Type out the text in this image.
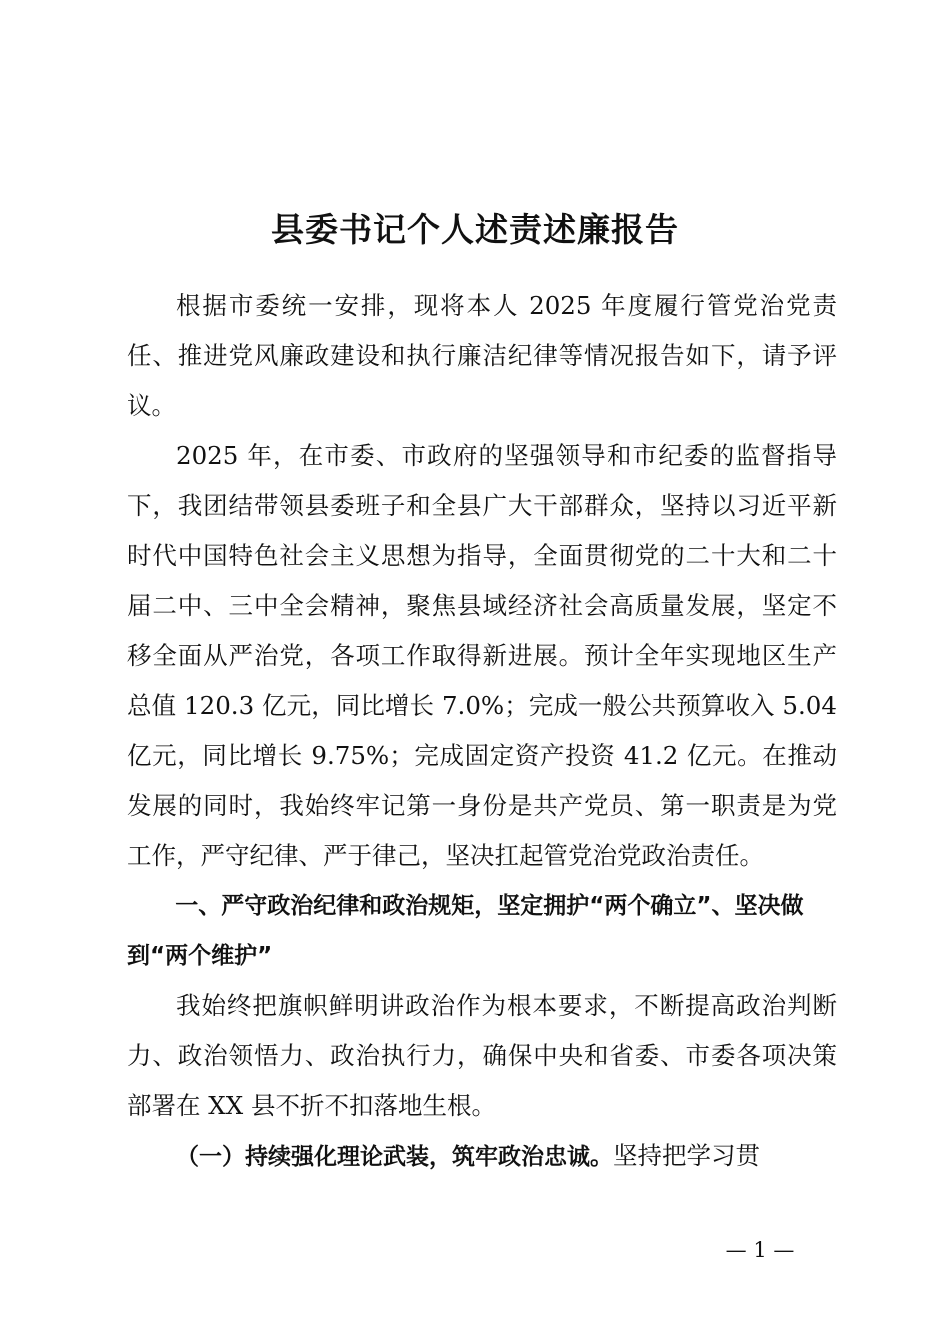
县委书记个人述责述廉报告

根据市委统一安排，现将本人 2025 年度履行管党治党责任、推进党风廉政建设和执行廉洁纪律等情况报告如下，请予评议。

2025 年，在市委、市政府的坚强领导和市纪委的监督指导下，我团结带领县委班子和全县广大干部群众，坚持以习近平新时代中国特色社会主义思想为指导，全面贯彻党的二十大和二十届二中、三中全会精神，聚焦县域经济社会高质量发展，坚定不移全面从严治党，各项工作取得新进展。预计全年实现地区生产总值 120.3 亿元，同比增长 7.0%；完成一般公共预算收入 5.04 亿元，同比增长 9.75%；完成固定资产投资 41.2 亿元。在推动发展的同时，我始终牢记第一身份是共产党员、第一职责是为党工作，严守纪律、严于律己，坚决扛起管党治党政治责任。

一、严守政治纪律和政治规矩，坚定拥护“两个确立”、坚决做到“两个维护”

我始终把旗帜鲜明讲政治作为根本要求，不断提高政治判断力、政治领悟力、政治执行力，确保中央和省委、市委各项决策部署在 XX 县不折不扣落地生根。

（一）持续强化理论武装，筑牢政治忠诚。坚持把学习贯

— 1 —
